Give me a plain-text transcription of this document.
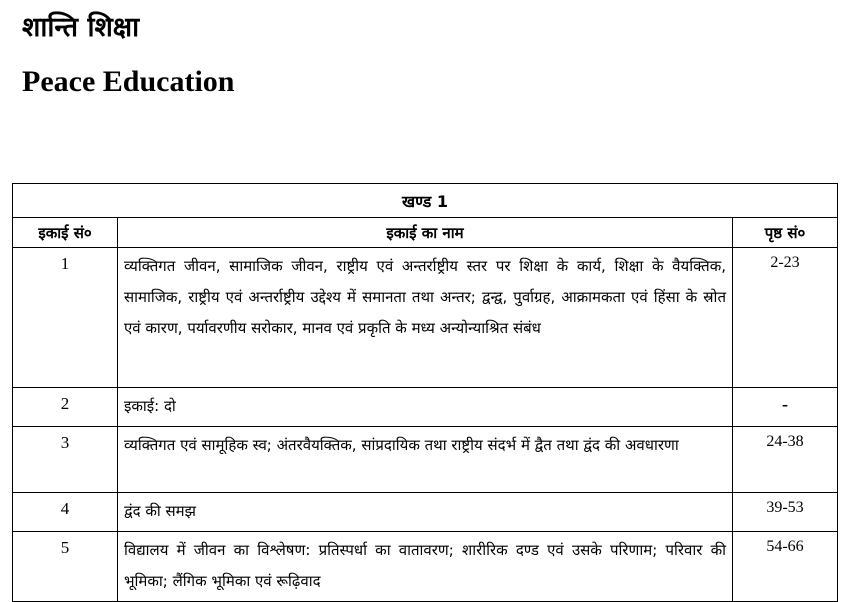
शान्ति शिक्षा
Peace Education
खण्ड 1		
इकाई सं०	इकाई का नाम	पृष्ठ सं०
1	व्यक्तिगत जीवन, सामाजिक जीवन, राष्ट्रीय एवं अन्तर्राष्ट्रीय स्तर पर शिक्षा के कार्य, शिक्षा के वैयक्तिक, सामाजिक, राष्ट्रीय एवं अन्तर्राष्ट्रीय उद्देश्य में समानता तथा अन्तर; द्वन्द्व, पुर्वाग्रह, आक्रामकता एवं हिंसा के स्रोत एवं कारण, पर्यावरणीय सरोकार, मानव एवं प्रकृति के मध्य अन्योन्याश्रित संबंध	2-23
2	इकाई: दो	-
3	व्यक्तिगत एवं सामूहिक स्व; अंतरवैयक्तिक, सांप्रदायिक तथा राष्ट्रीय संदर्भ में द्वैत तथा द्वंद की अवधारणा	24-38
4	द्वंद की समझ	39-53
5	विद्यालय में जीवन का विश्लेषण: प्रतिस्पर्धा का वातावरण; शारीरिक दण्ड एवं उसके परिणाम; परिवार की भूमिका; लैंगिक भूमिका एवं रूढ़िवाद	54-66
